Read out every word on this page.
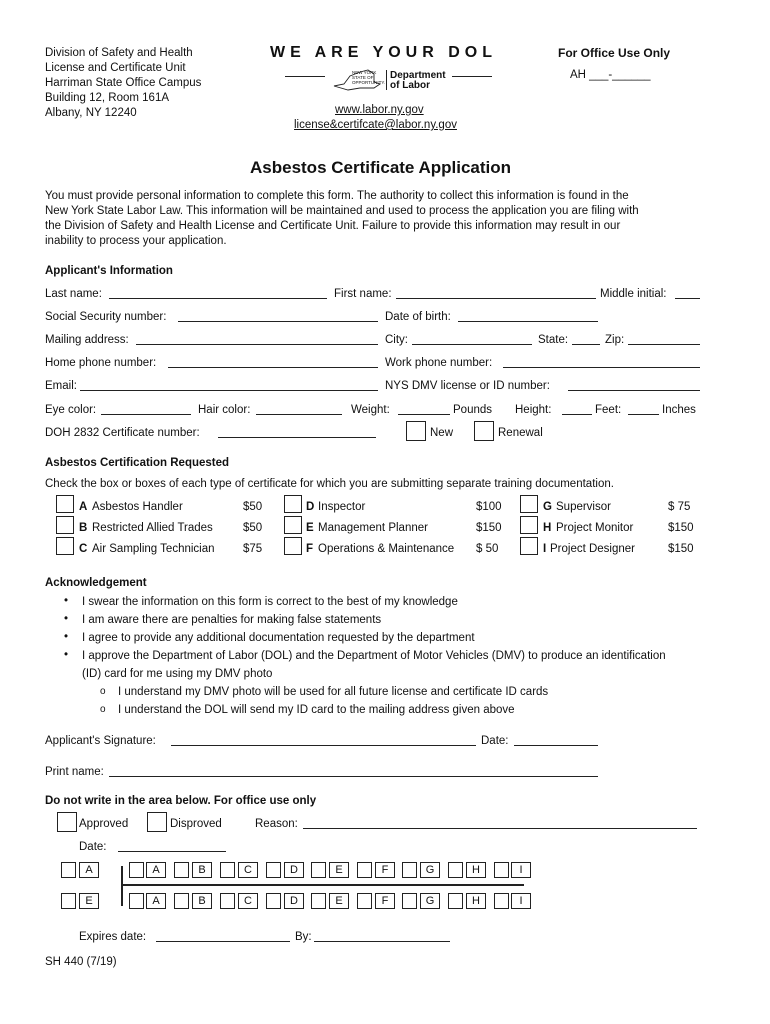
Division of Safety and Health
License and Certificate Unit
Harriman State Office Campus
Building 12, Room 161A
Albany, NY 12240
WE ARE YOUR DOL
NEW YORK STATE OF OPPORTUNITY.
Department
of Labor
www.labor.ny.gov
license&certifcate@labor.ny.gov
For Office Use Only
AH ___-______
Asbestos Certificate Application
You must provide personal information to complete this form. The authority to collect this information is found in the
New York State Labor Law. This information will be maintained and used to process the application you are filing with
the Division of Safety and Health License and Certificate Unit. Failure to provide this information may result in our
inability to process your application.
Applicant's Information
Last name:	First name:	Middle initial:
Social Security number:	Date of birth:
Mailing address:	City:	State:	Zip:
Home phone number:	Work phone number:
Email:	NYS DMV license or ID number:
Eye color:	Hair color:	Weight:	Pounds Height:	Feet:	Inches
DOH 2832 Certificate number:	New	Renewal
Asbestos Certification Requested
Check the box or boxes of each type of certificate for which you are submitting separate training documentation.
A Asbestos Handler	$50
B Restricted Allied Trades	$50
C Air Sampling Technician $75
D Inspector	$100
E Management Planner	$150
F Operations & Maintenance $ 50
G Supervisor	$ 75
H Project Monitor	$150
I Project Designer	$150
Acknowledgement
• I swear the information on this form is correct to the best of my knowledge
• I am aware there are penalties for making false statements
• I agree to provide any additional documentation requested by the department
• I approve the Department of Labor (DOL) and the Department of Motor Vehicles (DMV) to produce an identification
(ID) card for me using my DMV photo
o I understand my DMV photo will be used for all future license and certificate ID cards
o I understand the DOL will send my ID card to the mailing address given above
Applicant's Signature:	Date:
Print name:
Do not write in the area below. For office use only
Approved	Disproved	Reason:
Date:
A
E
A	B	C	D	E	F	G	H	I
A	B	C	D	E	F	G	H	I
Expires date:	By:
SH 440 (7/19)
